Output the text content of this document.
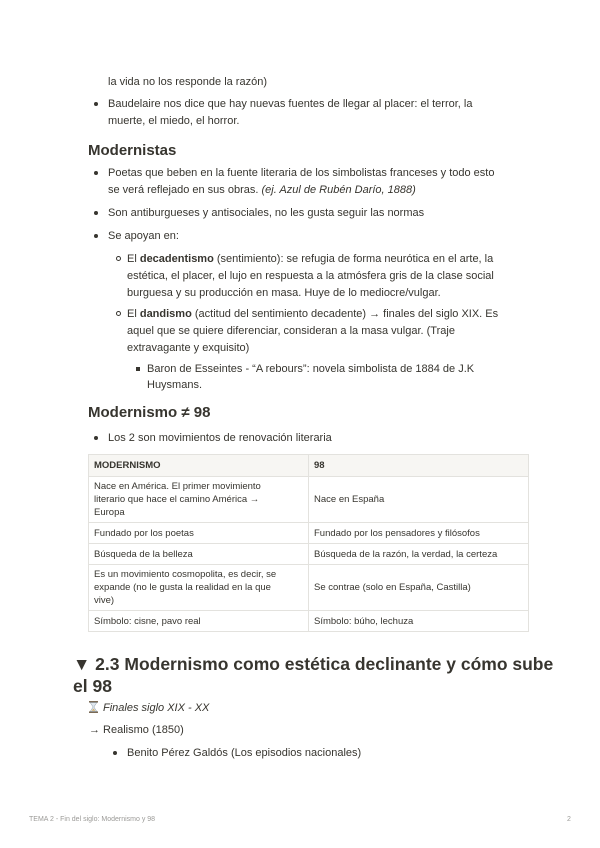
la vida no los responde la razón)
Baudelaire nos dice que hay nuevas fuentes de llegar al placer: el terror, la
muerte, el miedo, el horror.
Modernistas
Poetas que beben en la fuente literaria de los simbolistas franceses y todo esto
se verá reflejado en sus obras. (ej. Azul de Rubén Darío, 1888)
Son antiburgueses y antisociales, no les gusta seguir las normas
Se apoyan en:
El decadentismo (sentimiento): se refugia de forma neurótica en el arte, la
estética, el placer, el lujo en respuesta a la atmósfera gris de la clase social
burguesa y su producción en masa. Huye de lo mediocre/vulgar.
El dandismo (actitud del sentimiento decadente) → finales del siglo XIX. Es
aquel que se quiere diferenciar, consideran a la masa vulgar. (Traje
extravagante y exquisito)
Baron de Esseintes - “A rebours”: novela simbolista de 1884 de J.K
Huysmans.
Modernismo ≠ 98
Los 2 son movimientos de renovación literaria
MODERNISMO	98

Nace en América. El primer movimiento
literario que hace el camino América →
Europa	Nace en España

Fundado por los poetas	Fundado por los pensadores y filósofos

Búsqueda de la belleza	Búsqueda de la razón, la verdad, la certeza

Es un movimiento cosmopolita, es decir, se
expande (no le gusta la realidad en la que
vive)	Se contrae (solo en España, Castilla)

Símbolo: cisne, pavo real	Símbolo: búho, lechuza
▼ 2.3 Modernismo como estética declinante y cómo sube
el 98
Finales siglo XIX - XX
→ Realismo (1850)
Benito Pérez Galdós (Los episodios nacionales)
TEMA 2 - Fin del siglo: Modernismo y 98	2
